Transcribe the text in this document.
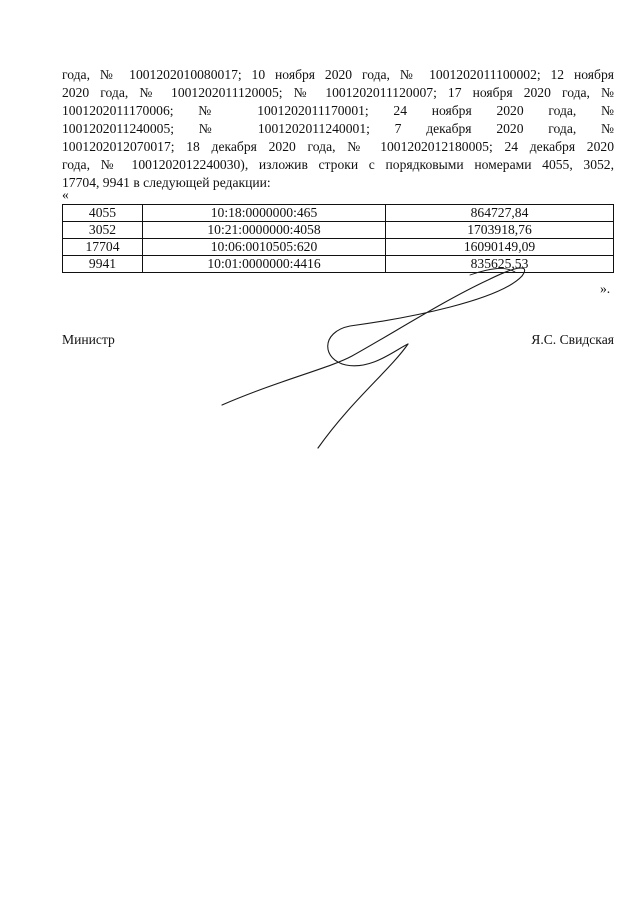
года, № 1001202010080017; 10 ноября 2020 года, № 1001202011100002; 12 ноября
2020 года, № 1001202011120005; № 1001202011120007; 17 ноября 2020 года, №
1001202011170006; № 1001202011170001; 24 ноября 2020 года, №
1001202011240005; № 1001202011240001; 7 декабря 2020 года, №
1001202012070017; 18 декабря 2020 года, № 1001202012180005; 24 декабря 2020
года, № 1001202012240030), изложив строки с порядковыми номерами 4055, 3052,
17704, 9941 в следующей редакции:
«
4055	10:18:0000000:465	864727,84
3052	10:21:0000000:4058	1703918,76
17704	10:06:0010505:620	16090149,09
9941	10:01:0000000:4416	835625,53
».
Министр	Я.С. Свидская
